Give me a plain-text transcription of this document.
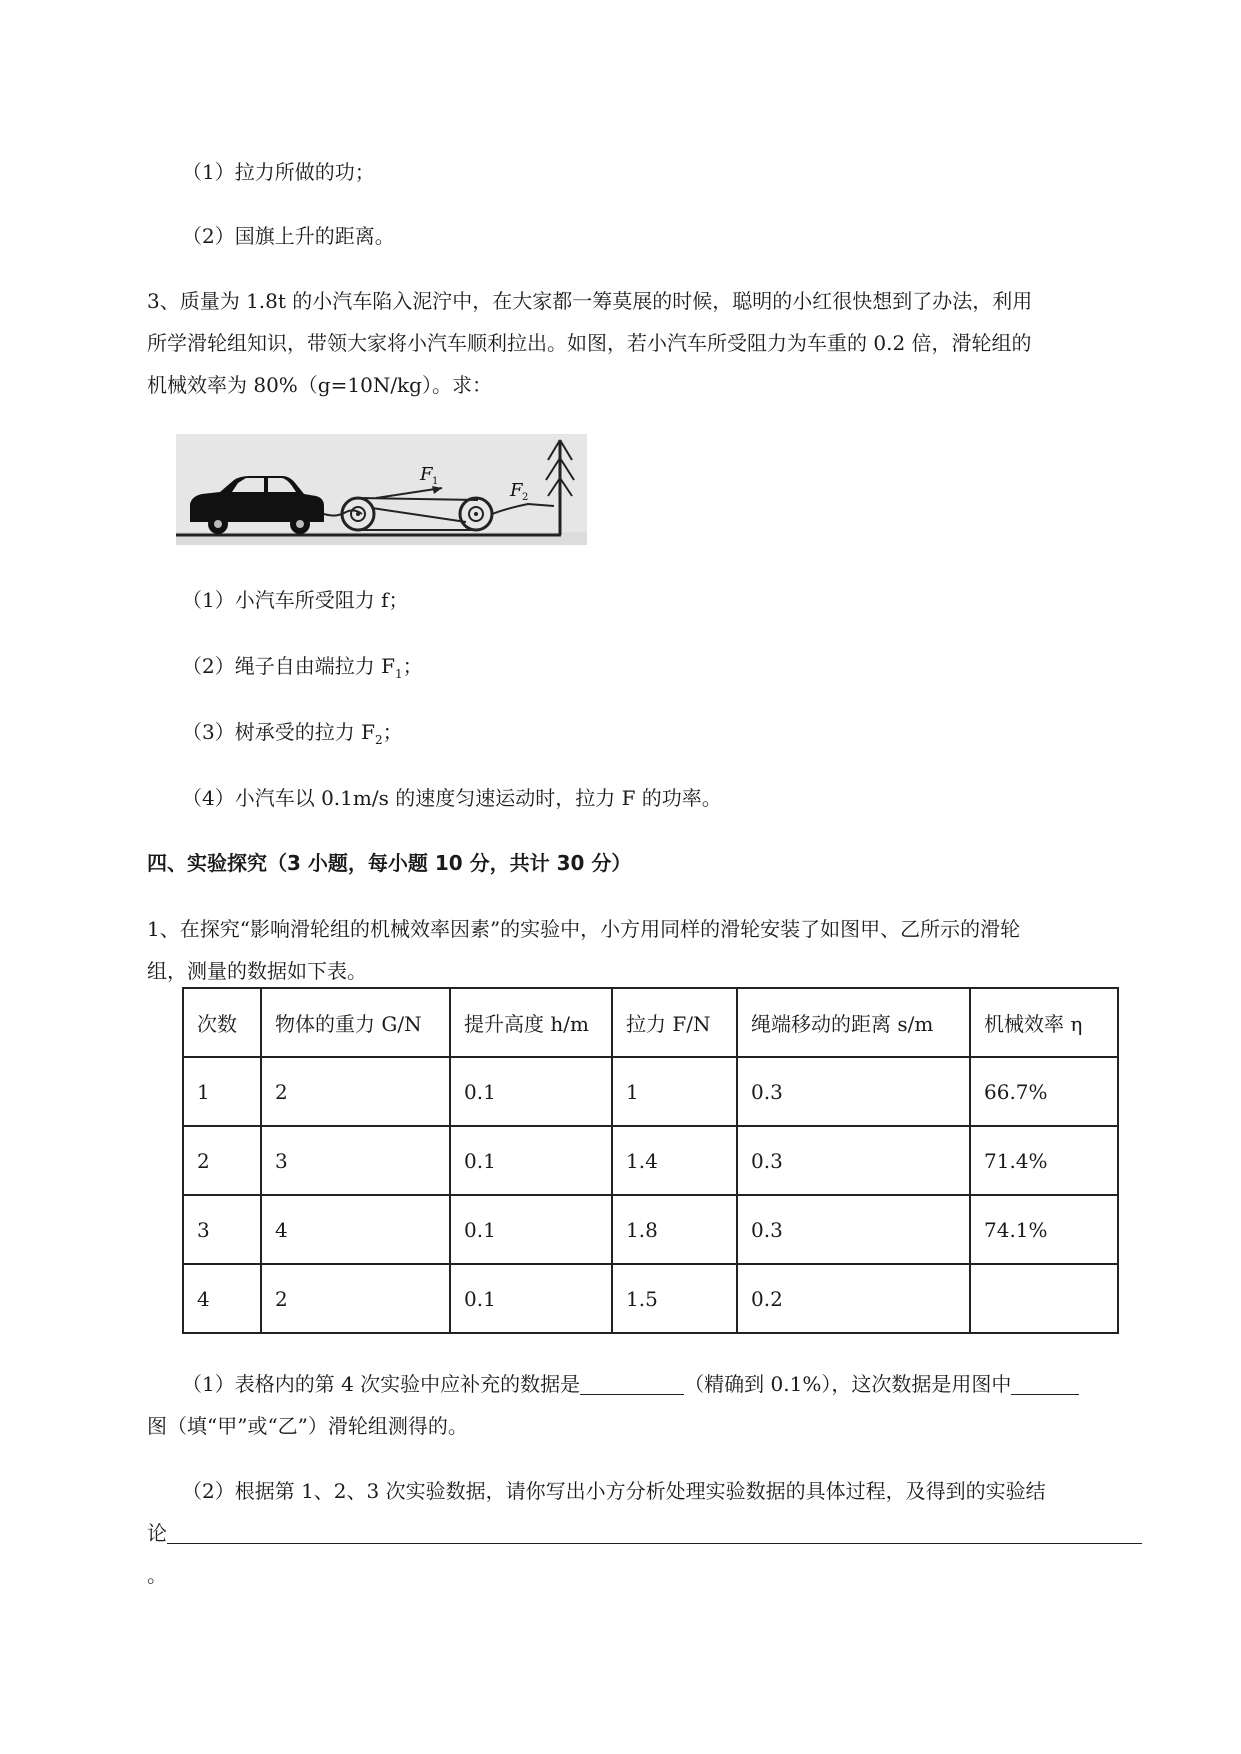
（1）拉力所做的功；
（2）国旗上升的距离。
3、质量为 1.8t 的小汽车陷入泥泞中，在大家都一筹莫展的时候，聪明的小红很快想到了办法，利用
所学滑轮组知识，带领大家将小汽车顺利拉出。如图，若小汽车所受阻力为车重的 0.2 倍，滑轮组的
机械效率为 80%（g=10N/kg）。求：
F 1	F 2
（1）小汽车所受阻力 f；
（2）绳子自由端拉力 $F_1$；
（3）树承受的拉力 $F_2$；
（4）小汽车以 0.1m/s 的速度匀速运动时，拉力 F 的功率。
四、实验探究（3 小题，每小题 10 分，共计 30 分）
1、在探究“影响滑轮组的机械效率因素”的实验中，小方用同样的滑轮安装了如图甲、乙所示的滑轮
组，测量的数据如下表。
次数	物体的重力 G/N	提升高度 h/m	拉力 F/N	绳端移动的距离 s/m	机械效率 η
1	2	0.1	1	0.3	66.7%
2	3	0.1	1.4	0.3	71.4%
3	4	0.1	1.8	0.3	74.1%
4	2	0.1	1.5	0.2	
（1）表格内的第 4 次实验中应补充的数据是	（精确到 0.1%），这次数据是用图中
图（填“甲”或“乙”）滑轮组测得的。
（2）根据第 1、2、3 次实验数据，请你写出小方分析处理实验数据的具体过程，及得到的实验结
论
。
